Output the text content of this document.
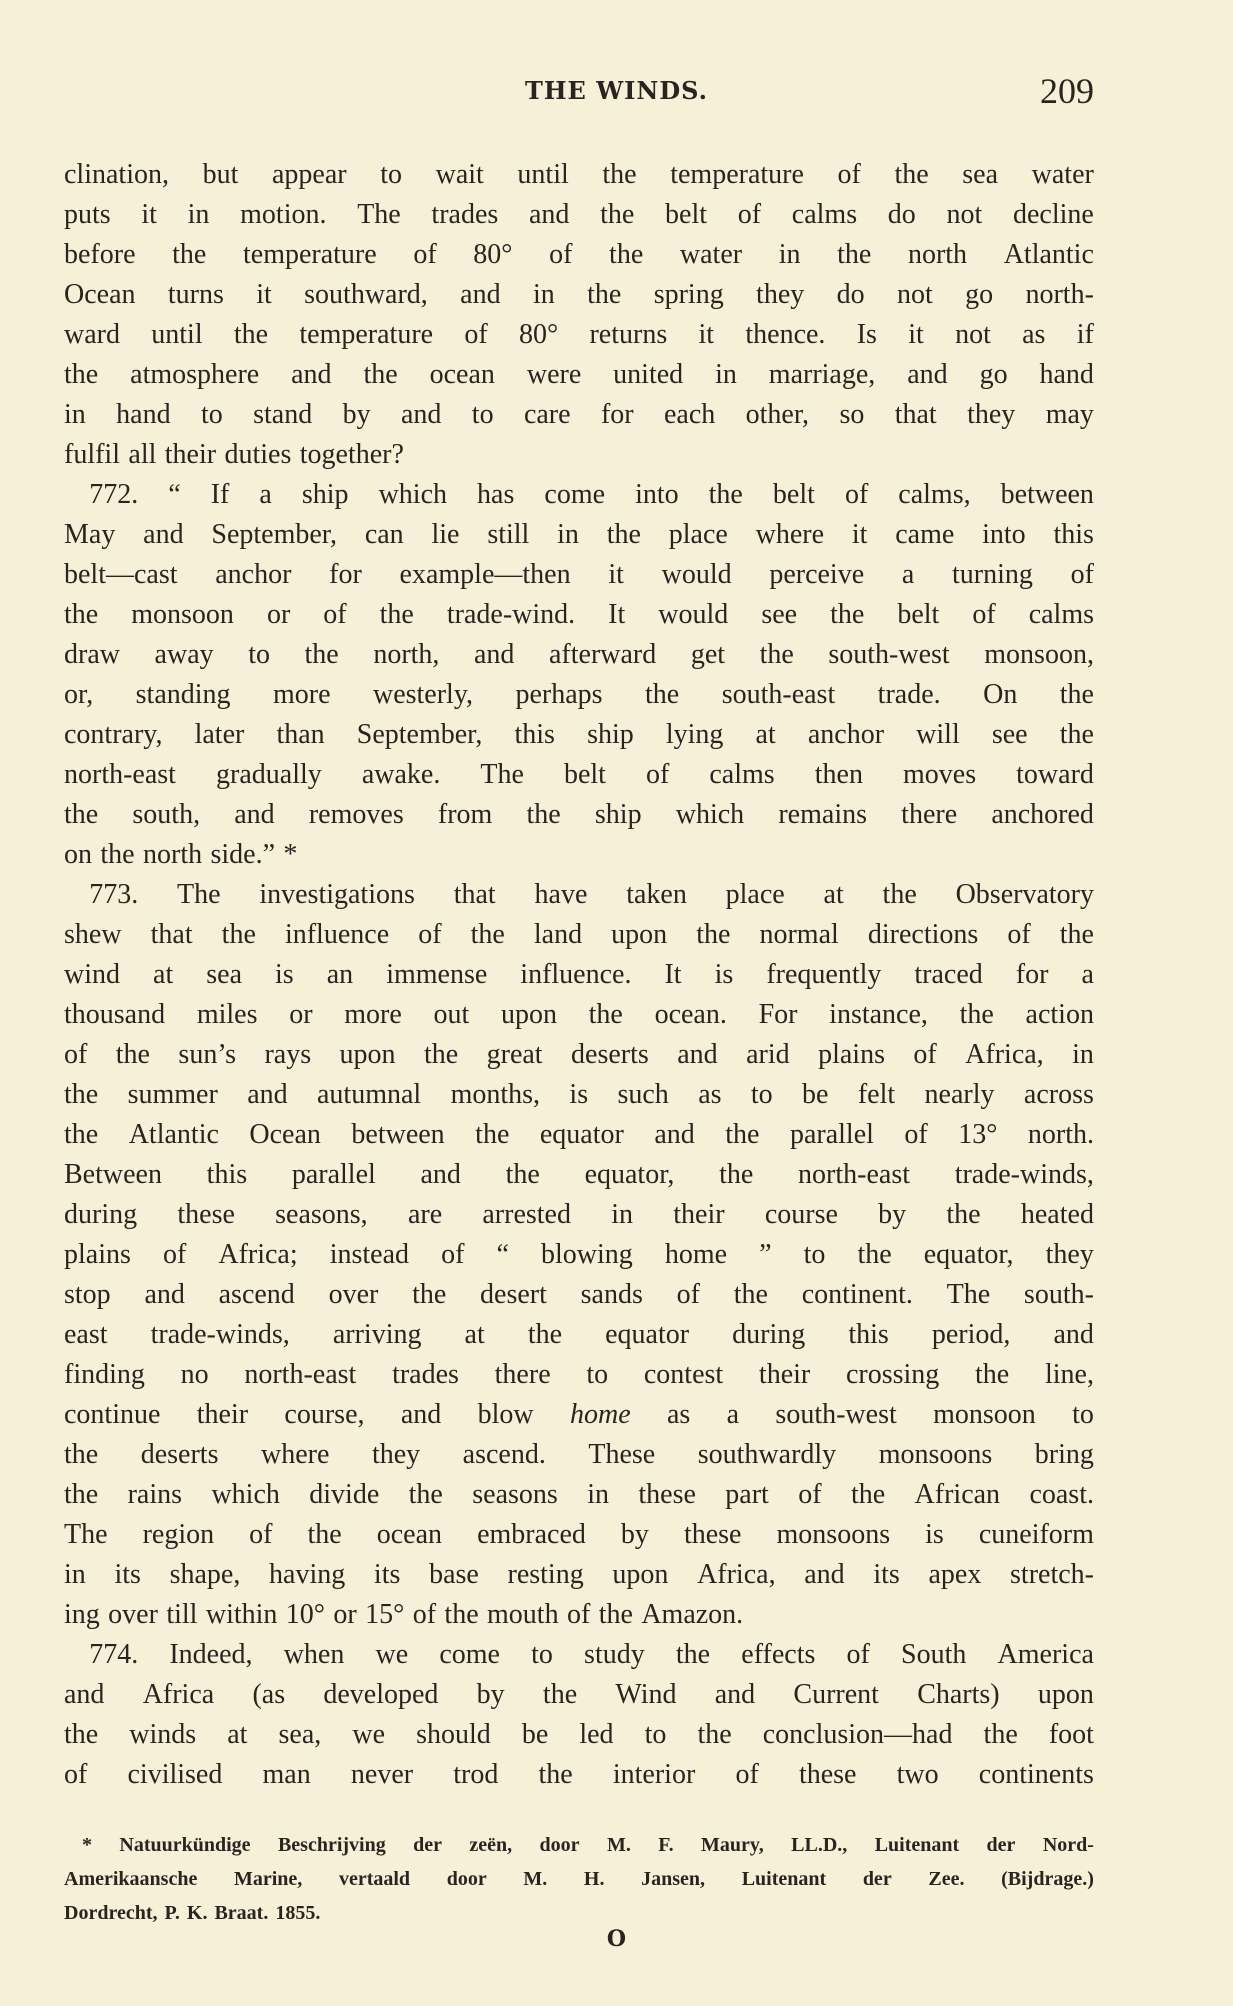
THE WINDS.	209
clination, but appear to wait until the temperature of the sea water
puts it in motion. The trades and the belt of calms do not decline
before the temperature of 80° of the water in the north Atlantic
Ocean turns it southward, and in the spring they do not go north-
ward until the temperature of 80° returns it thence. Is it not as if
the atmosphere and the ocean were united in marriage, and go hand
in hand to stand by and to care for each other, so that they may
fulfil all their duties together?
772. “ If a ship which has come into the belt of calms, between
May and September, can lie still in the place where it came into this
belt—cast anchor for example—then it would perceive a turning of
the monsoon or of the trade-wind. It would see the belt of calms
draw away to the north, and afterward get the south-west monsoon,
or, standing more westerly, perhaps the south-east trade. On the
contrary, later than September, this ship lying at anchor will see the
north-east gradually awake. The belt of calms then moves toward
the south, and removes from the ship which remains there anchored
on the north side.” *
773. The investigations that have taken place at the Observatory
shew that the influence of the land upon the normal directions of the
wind at sea is an immense influence. It is frequently traced for a
thousand miles or more out upon the ocean. For instance, the action
of the sun’s rays upon the great deserts and arid plains of Africa, in
the summer and autumnal months, is such as to be felt nearly across
the Atlantic Ocean between the equator and the parallel of 13° north.
Between this parallel and the equator, the north-east trade-winds,
during these seasons, are arrested in their course by the heated
plains of Africa; instead of “ blowing home ” to the equator, they
stop and ascend over the desert sands of the continent. The south-
east trade-winds, arriving at the equator during this period, and
finding no north-east trades there to contest their crossing the line,
continue their course, and blow home as a south-west monsoon to
the deserts where they ascend. These southwardly monsoons bring
the rains which divide the seasons in these part of the African coast.
The region of the ocean embraced by these monsoons is cuneiform
in its shape, having its base resting upon Africa, and its apex stretch-
ing over till within 10° or 15° of the mouth of the Amazon.
774. Indeed, when we come to study the effects of South America
and Africa (as developed by the Wind and Current Charts) upon
the winds at sea, we should be led to the conclusion—had the foot
of civilised man never trod the interior of these two continents
* Natuurkündige Beschrijving der zeën, door M. F. Maury, LL.D., Luitenant der Nord-
Amerikaansche Marine, vertaald door M. H. Jansen, Luitenant der Zee. (Bijdrage.)
Dordrecht, P. K. Braat. 1855.
O
